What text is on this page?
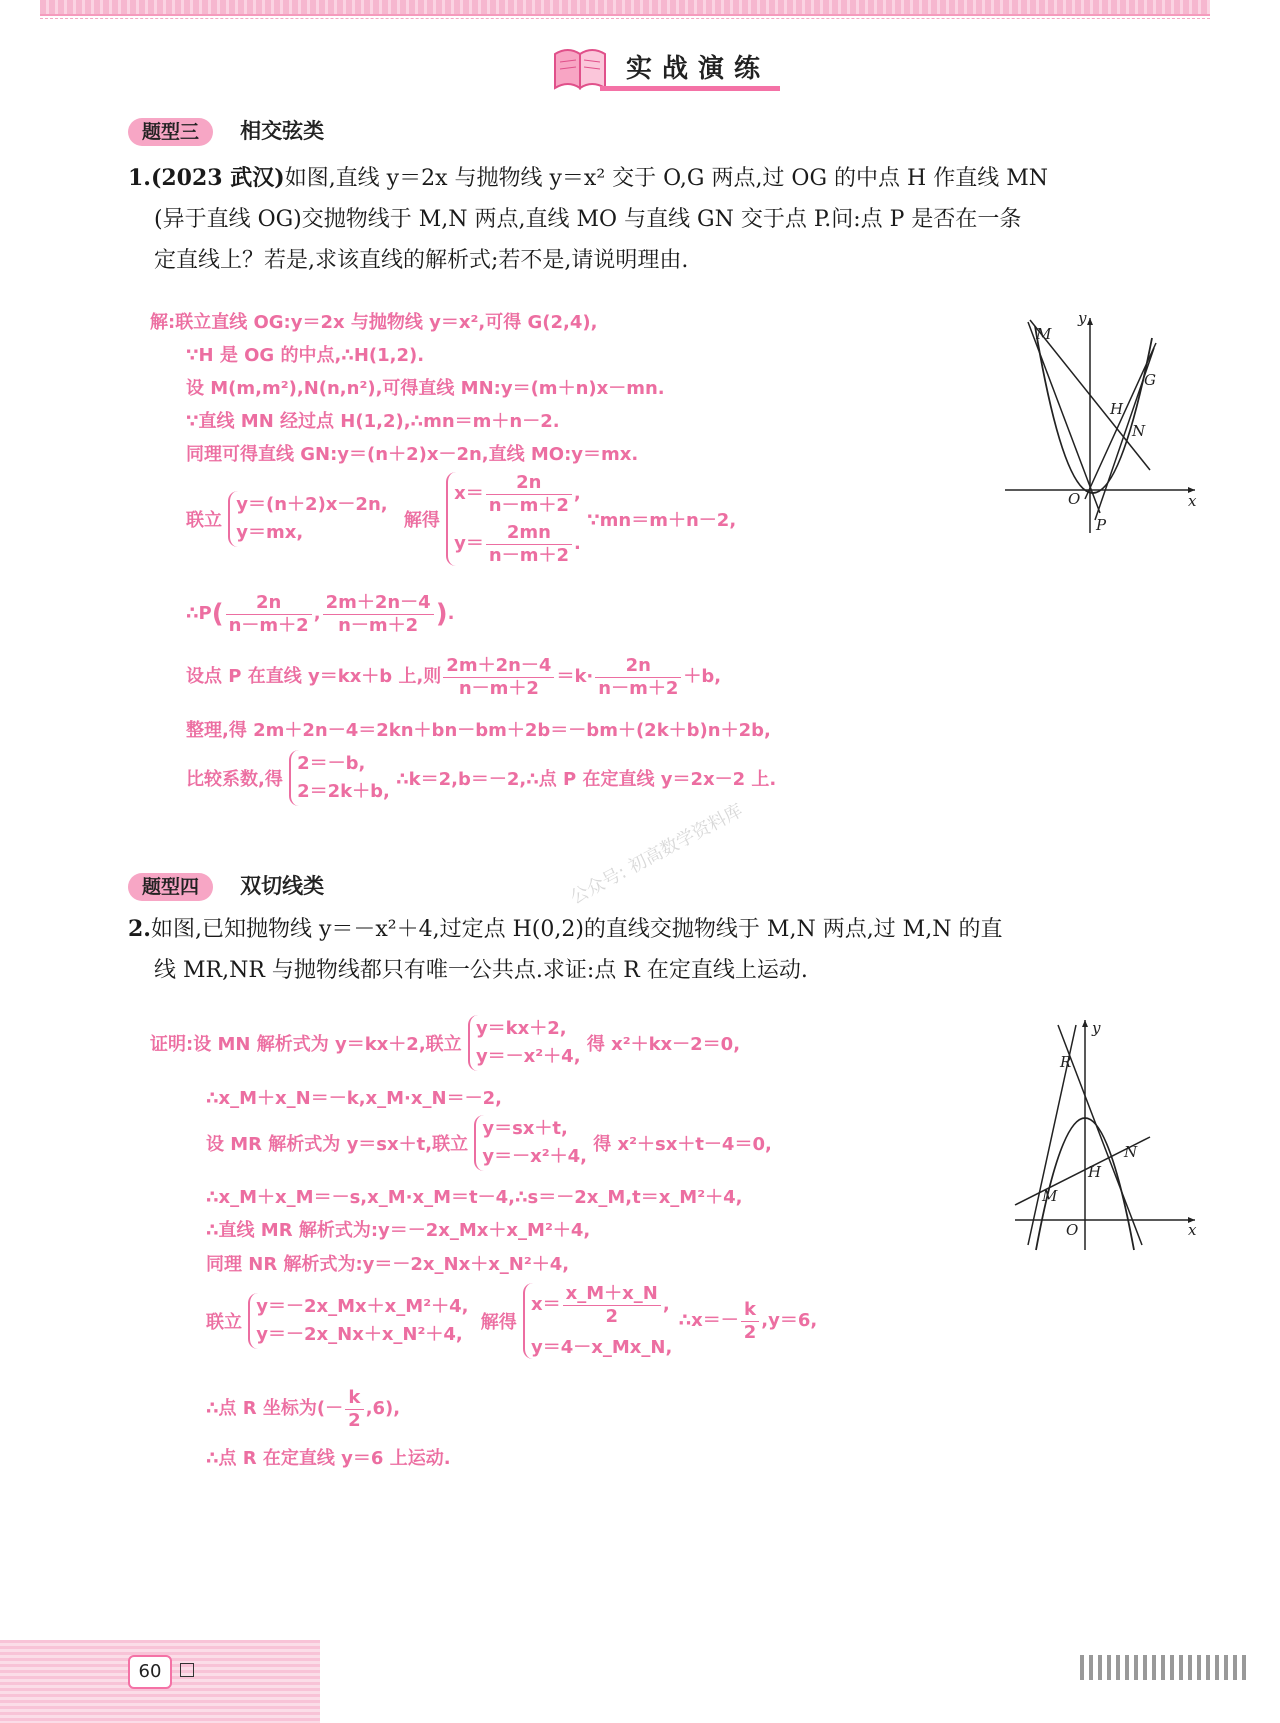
实战演练
题型三 相交弦类
1.(2023 武汉)如图,直线 y＝2x 与抛物线 y＝x² 交于 O,G 两点,过 OG 的中点 H 作直线 MN
(异于直线 OG)交抛物线于 M,N 两点,直线 MO 与直线 GN 交于点 P.问:点 P 是否在一条
定直线上？若是,求该直线的解析式;若不是,请说明理由.
解:联立直线 OG:y＝2x 与抛物线 y＝x²,可得 G(2,4),
∵H 是 OG 的中点,∴H(1,2).
设 M(m,m²),N(n,n²),可得直线 MN:y＝(m＋n)x－mn.
∵直线 MN 经过点 H(1,2),∴mn＝m＋n－2.
同理可得直线 GN:y＝(n＋2)x－2n,直线 MO:y＝mx.
联立
y＝(n＋2)x－2n,
y＝mx,
解得
$x= \frac{2n}{n-m+2}$ ,
$y= \frac{2mn}{n-m+2}$ .
∵mn＝m＋n－2,
∴P( $\frac{2n}{n-m+2}$ , $\frac{2m+2n-4}{n-m+2}$ ).
设点 P 在直线 y＝kx＋b 上,则 $\frac{2m+2n-4}{n-m+2} =k\cdot \frac{2n}{n-m+2} +b$,
整理,得 2m＋2n－4＝2kn＋bn－bm＋2b＝－bm＋(2k＋b)n＋2b,
比较系数,得
2＝－b,
2＝2k＋b,
∴k＝2,b＝－2,∴点 P 在定直线 y＝2x－2 上.
M
y
G
H
N
O	x
P
公众号: 初高数学资料库
题型四 双切线类
2.如图,已知抛物线 y＝－x²＋4,过定点 H(0,2)的直线交抛物线于 M,N 两点,过 M,N 的直
线 MR,NR 与抛物线都只有唯一公共点.求证:点 R 在定直线上运动.
证明:设 MN 解析式为 y＝kx＋2,联立
y＝kx＋2,
y＝－x²＋4,
得 x²＋kx－2＝0,
∴x_M＋x_N＝－k,x_M·x_N＝－2,
设 MR 解析式为 y＝sx＋t,联立
y＝sx＋t,
y＝－x²＋4,
得 x²＋sx＋t－4＝0,
∴x_M＋x_M＝－s,x_M·x_M＝t－4,∴s＝－2x_M,t＝x_M²＋4,
∴直线 MR 解析式为:y＝－2x_Mx＋x_M²＋4,
同理 NR 解析式为:y＝－2x_Nx＋x_N²＋4,
联立
y＝－2x_Mx＋x_M²＋4,
y＝－2x_Nx＋x_N²＋4,
解得
$x= \frac{x\_M+x\_N}{2}$ ,
y＝4－x_Mx_N,
∴x＝－ $\frac{k}{2} ,y=6$,
∴点 R 坐标为(－ $\frac{k}{2} ,6$),
∴点 R 在定直线 y＝6 上运动.
R
y
N
H
M
O	x
60
